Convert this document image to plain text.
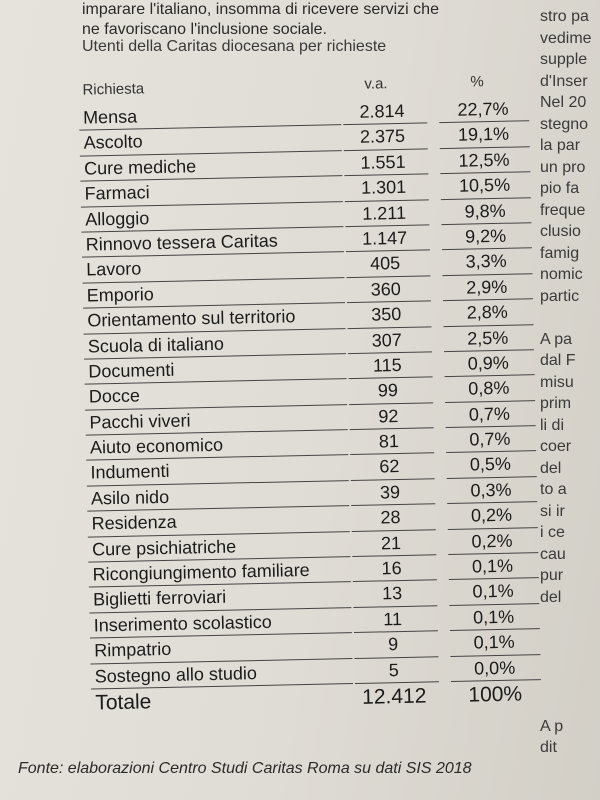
imparare l'italiano, insomma di ricevere servizi che
ne favoriscano l'inclusione sociale.
Utenti della Caritas diocesana per richieste
Richiesta	v.a.	%
Mensa	2.814	22,7%
Ascolto	2.375	19,1%
Cure mediche	1.551	12,5%
Farmaci	1.301	10,5%
Alloggio	1.211	9,8%
Rinnovo tessera Caritas	1.147	9,2%
Lavoro	405	3,3%
Emporio	360	2,9%
Orientamento sul territorio	350	2,8%
Scuola di italiano	307	2,5%
Documenti	115	0,9%
Docce	99	0,8%
Pacchi viveri	92	0,7%
Aiuto economico	81	0,7%
Indumenti	62	0,5%
Asilo nido	39	0,3%
Residenza	28	0,2%
Cure psichiatriche	21	0,2%
Ricongiungimento familiare	16	0,1%
Biglietti ferroviari	13	0,1%
Inserimento scolastico	11	0,1%
Rimpatrio	9	0,1%
Sostegno allo studio	5	0,0%
Totale	12.412	100%
Fonte: elaborazioni Centro Studi Caritas Roma su dati SIS 2018
stro pa
vedime
supple
d'Inser
Nel 20
stegno
la par
un pro
pio fa
freque
clusio
famig
nomic
partic
A pa
dal F
misu
prim
li di
coer
del
to a
si ir
i ce
cau
pur
del
A p
dit
